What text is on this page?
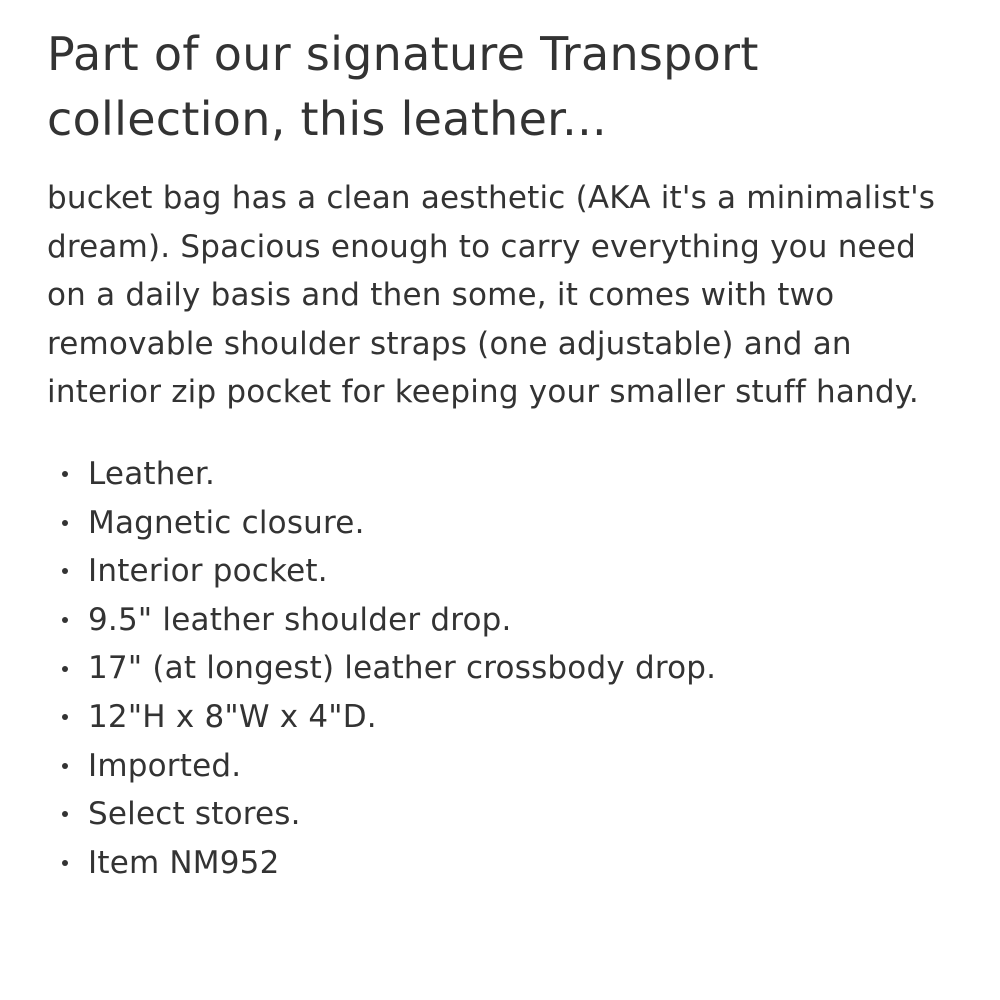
Part of our signature Transport collection, this leather...

bucket bag has a clean aesthetic (AKA it's a minimalist's dream). Spacious enough to carry everything you need on a daily basis and then some, it comes with two removable shoulder straps (one adjustable) and an interior zip pocket for keeping your smaller stuff handy.

Leather.
Magnetic closure.
Interior pocket.
9.5" leather shoulder drop.
17" (at longest) leather crossbody drop.
12"H x 8"W x 4"D.
Imported.
Select stores.
Item NM952
